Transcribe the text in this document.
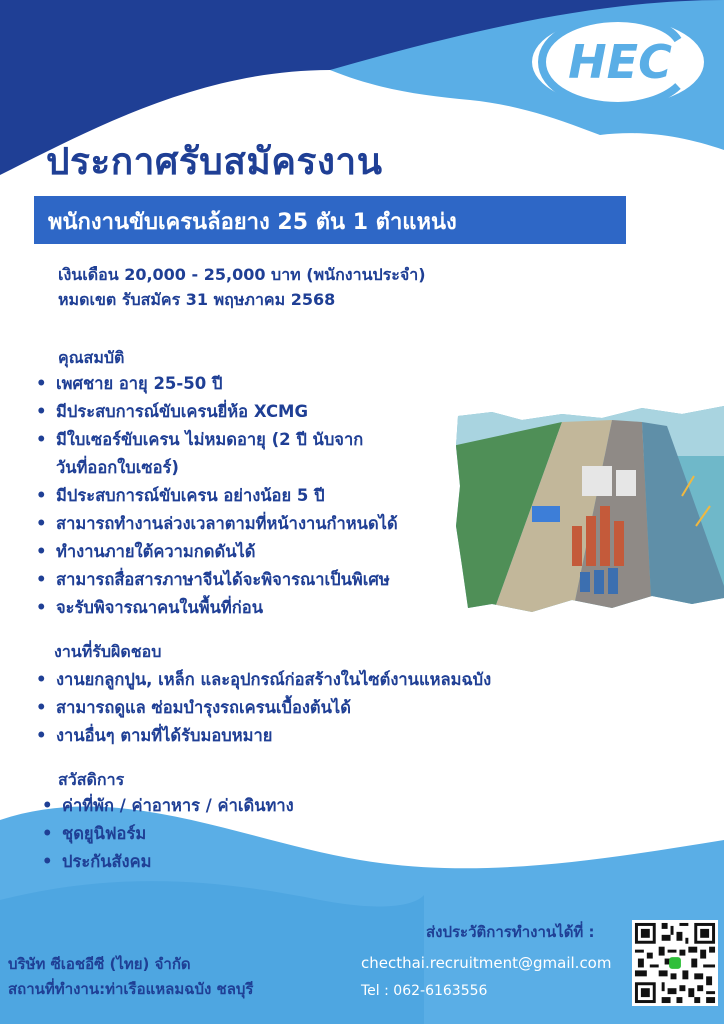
HEC
ประกาศรับสมัครงาน
พนักงานขับเครนล้อยาง 25 ตัน 1 ตำแหน่ง
เงินเดือน 20,000 - 25,000 บาท (พนักงานประจำ)
หมดเขต รับสมัคร 31 พฤษภาคม 2568
คุณสมบัติ
• เพศชาย อายุ 25-50 ปี
• มีประสบการณ์ขับเครนยี่ห้อ XCMG
• มีใบเซอร์ขับเครน ไม่หมดอายุ (2 ปี นับจาก
วันที่ออกใบเซอร์)
• มีประสบการณ์ขับเครน อย่างน้อย 5 ปี
• สามารถทำงานล่วงเวลาตามที่หน้างานกำหนดได้
• ทำงานภายใต้ความกดดันได้
• สามารถสื่อสารภาษาจีนได้จะพิจารณาเป็นพิเศษ
• จะรับพิจารณาคนในพื้นที่ก่อน
งานที่รับผิดชอบ
• งานยกลูกปูน, เหล็ก และอุปกรณ์ก่อสร้างในไซต์งานแหลมฉบัง
• สามารถดูแล ซ่อมบำรุงรถเครนเบื้องต้นได้
• งานอื่นๆ ตามที่ได้รับมอบหมาย
สวัสดิการ
• ค่าที่พัก / ค่าอาหาร / ค่าเดินทาง
• ชุดยูนิฟอร์ม
• ประกันสังคม
ส่งประวัติการทำงานได้ที่ :
checthai.recruitment@gmail.com
Tel : 062-6163556
บริษัท ซีเอชอีซี (ไทย) จำกัด
สถานที่ทำงาน:ท่าเรือแหลมฉบัง ชลบุรี
